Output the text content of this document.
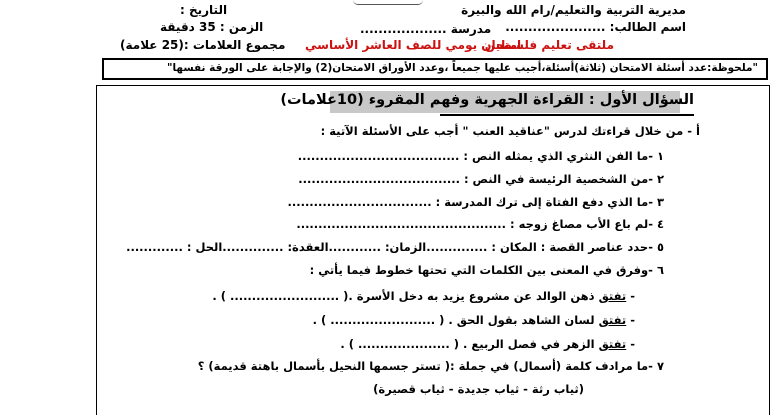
مديرية التربية والتعليم/رام الله والبيرة
اسم الطالب: ......................
التاريخ :
الزمن : 35 دقيقة
مجموع العلامات :(25 علامة)
مدرسة ...................
ملتقى تعليم فلسطين
امتحان يومي للصف العاشر الأساسي
"ملحوظة:عدد أسئلة الامتحان (ثلاثة)أسئلة،أجيب عليها جميعاً ،وعدد الأوراق الامتحان(2) والإجابة على الورقة نفسها"
السؤال الأول : القراءة الجهرية وفهم المقروء (10علامات)
أ - من خلال قراءتك لدرس "عناقيد العنب " أجب على الأسئلة الآتية :
١ -ما الفن النثري الذي يمثله النص : .....................................
٢ -من الشخصية الرئيسة في النص : .....................................
٣ -ما الذي دفع الفتاة إلى ترك المدرسة : .................................
٤ -لم باع الأب مصاغ زوجه : ................................................
٥ -حدد عناصر القصة : المكان : ..............الزمان: ............العقدة: ..............الحل : .............
٦ -وفرق في المعنى بين الكلمات التي تحتها خطوط فيما يأتي :
- تفتق ذهن الوالد عن مشروع يزيد به دخل الأسرة .( ......................... ) .
- تفتق لسان الشاهد بقول الحق . ( ........................ ) .
- تفتق الزهر في فصل الربيع . ( ..................... ) .
٧ -ما مرادف كلمة (أسمال) في جملة :( تستر جسمها النحيل بأسمال باهتة قديمة) ؟
(ثياب رثة - ثياب جديدة - ثياب قصيرة)
